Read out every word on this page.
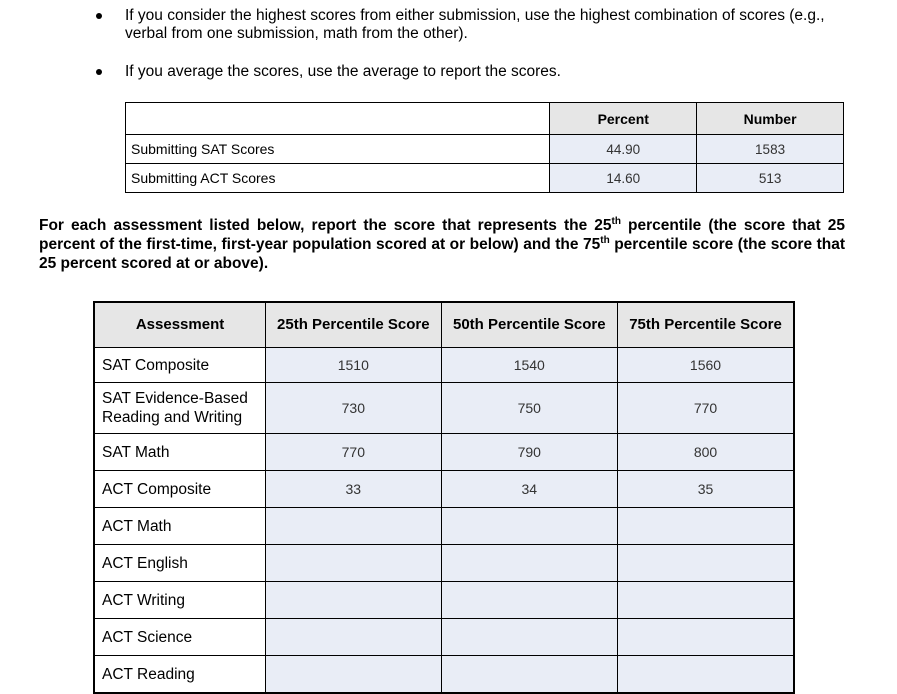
If you consider the highest scores from either submission, use the highest combination of scores (e.g., verbal from one submission, math from the other).
If you average the scores, use the average to report the scores.
	Percent	Number
Submitting SAT Scores	44.90	1583
Submitting ACT Scores	14.60	513
For each assessment listed below, report the score that represents the 25th percentile (the score that 25 percent of the first-time, first-year population scored at or below) and the 75th percentile score (the score that 25 percent scored at or above).
Assessment	25th Percentile Score	50th Percentile Score	75th Percentile Score
SAT Composite	1510	1540	1560
SAT Evidence-Based Reading and Writing	730	750	770
SAT Math	770	790	800
ACT Composite	33	34	35
ACT Math			
ACT English			
ACT Writing			
ACT Science			
ACT Reading			
